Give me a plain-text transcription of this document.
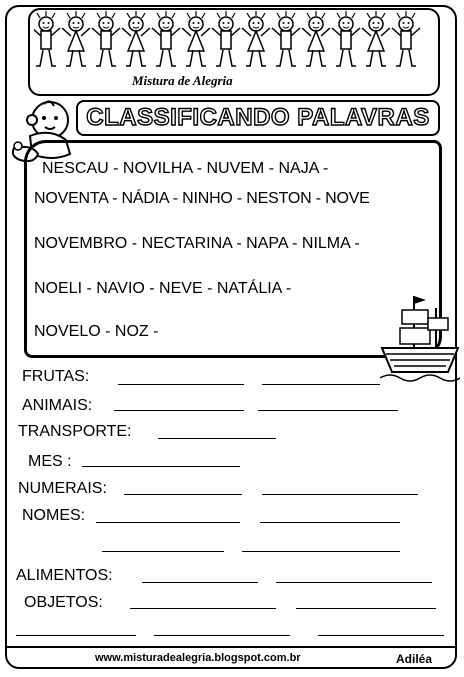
Mistura de Alegria
CLASSIFICANDO PALAVRAS
NESCAU - NOVILHA - NUVEM - NAJA -
NOVENTA - NÁDIA - NINHO - NESTON - NOVE
NOVEMBRO - NECTARINA - NAPA - NILMA -
NOELI - NAVIO - NEVE - NATÁLIA -
NOVELO - NOZ -
FRUTAS:
ANIMAIS:
TRANSPORTE:
MES :
NUMERAIS:
NOMES:
ALIMENTOS:
OBJETOS:
www.misturadealegria.blogspot.com.br	Adiléa
